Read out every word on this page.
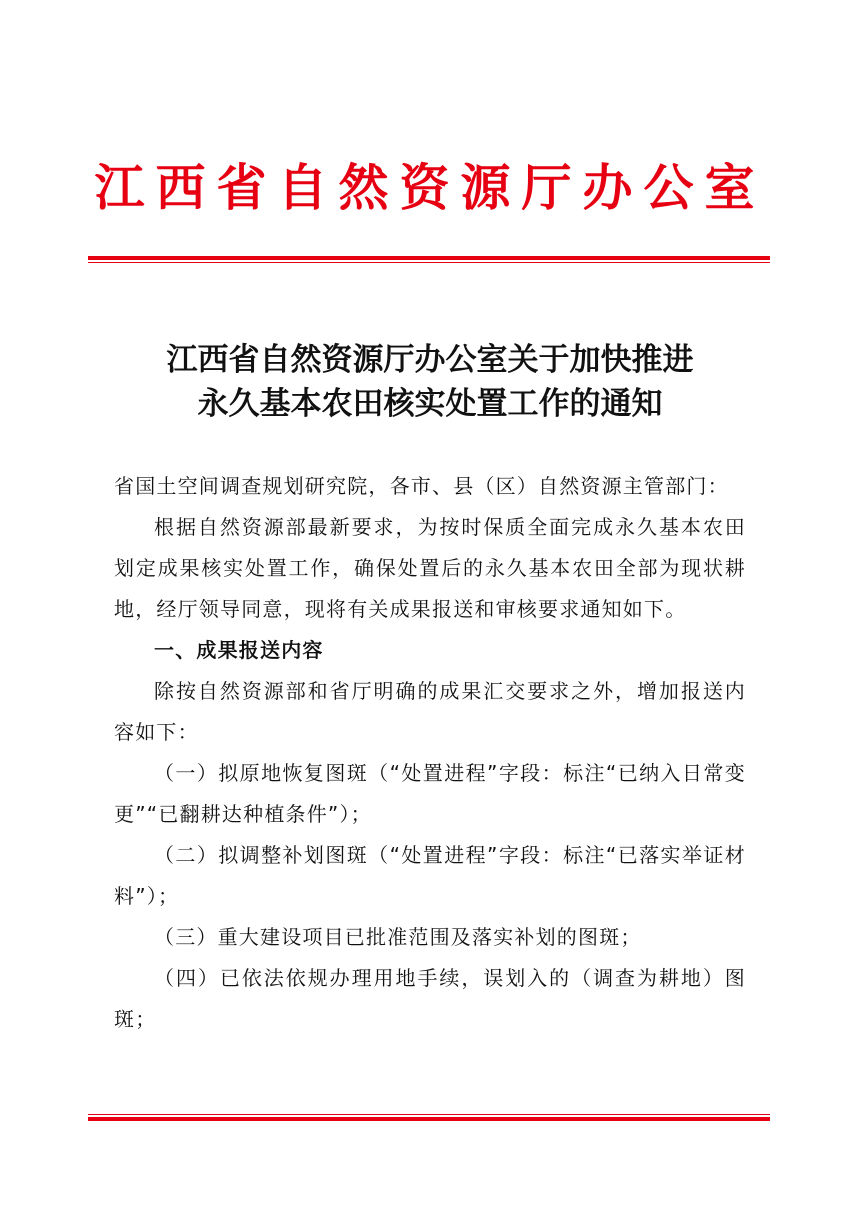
江西省自然资源厅办公室
江西省自然资源厅办公室关于加快推进
永久基本农田核实处置工作的通知

省国土空间调查规划研究院，各市、县（区）自然资源主管部门：

根据自然资源部最新要求，为按时保质全面完成永久基本农田划定成果核实处置工作，确保处置后的永久基本农田全部为现状耕地，经厅领导同意，现将有关成果报送和审核要求通知如下。

一、成果报送内容

除按自然资源部和省厅明确的成果汇交要求之外，增加报送内容如下：

（一）拟原地恢复图斑（“处置进程”字段：标注“已纳入日常变更”“已翻耕达种植条件”）；

（二）拟调整补划图斑（“处置进程”字段：标注“已落实举证材料”）；

（三）重大建设项目已批准范围及落实补划的图斑；

（四）已依法依规办理用地手续，误划入的（调查为耕地）图斑；
